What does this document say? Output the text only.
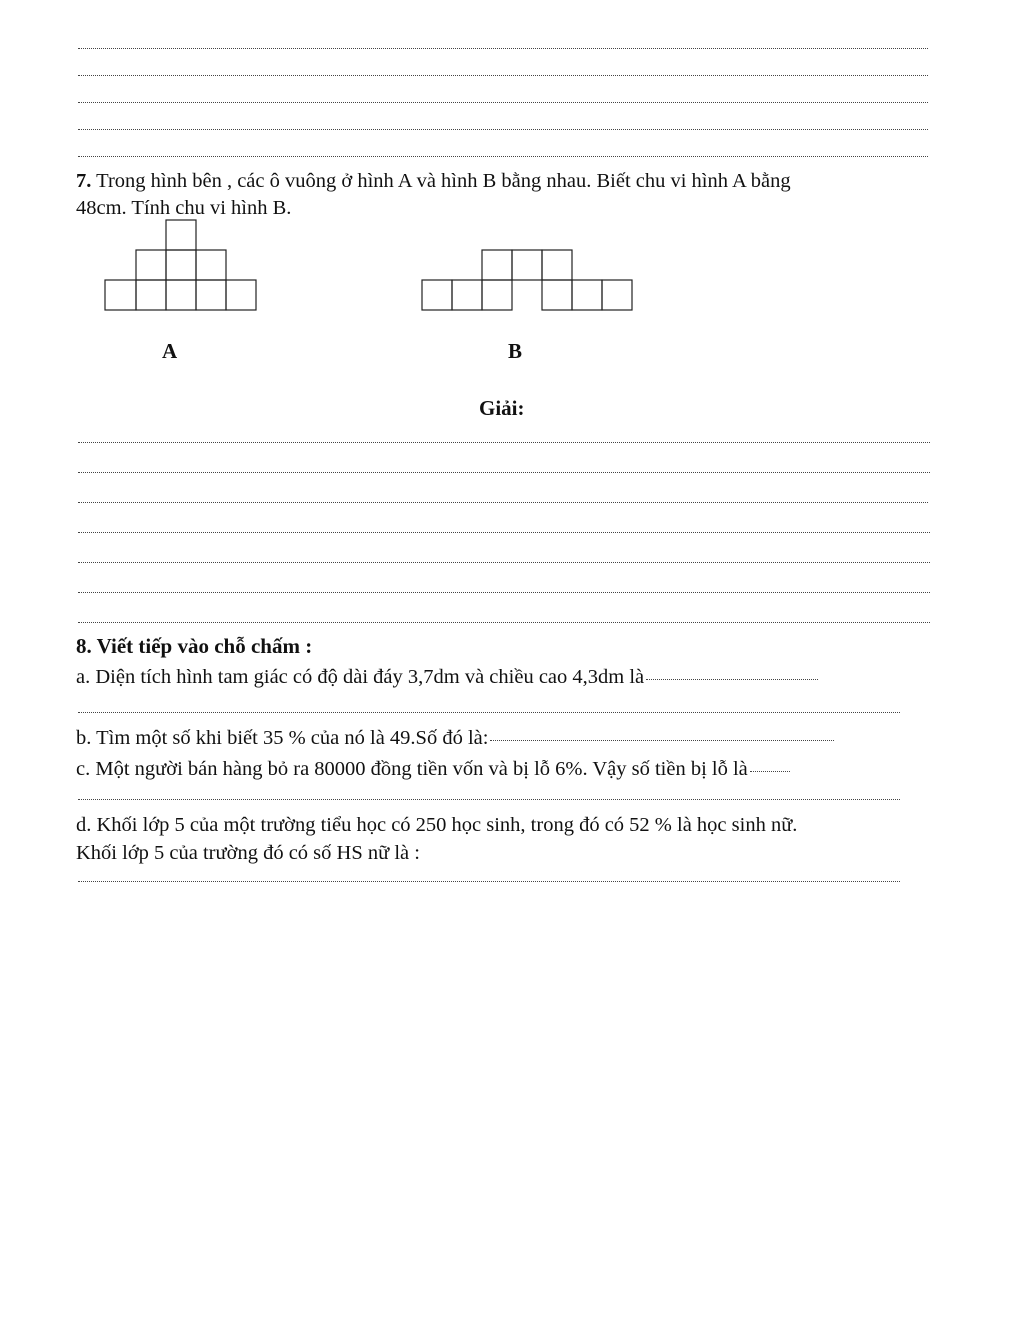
7. Trong hình bên , các ô vuông ở hình A và hình B bằng nhau. Biết chu vi hình A bằng
48cm. Tính chu vi hình B.
A	B
Giải:
8. Viết tiếp vào chỗ chấm :
a. Diện tích hình tam giác có độ dài đáy 3,7dm và chiều cao 4,3dm là
b. Tìm một số khi biết 35 % của nó là 49.Số đó là:
c. Một người bán hàng bỏ ra 80000 đồng tiền vốn và bị lỗ 6%. Vậy số tiền bị lỗ là
d. Khối lớp 5 của một trường tiểu học có 250 học sinh, trong đó có 52 % là học sinh nữ.
Khối lớp 5 của trường đó có số HS nữ là :
